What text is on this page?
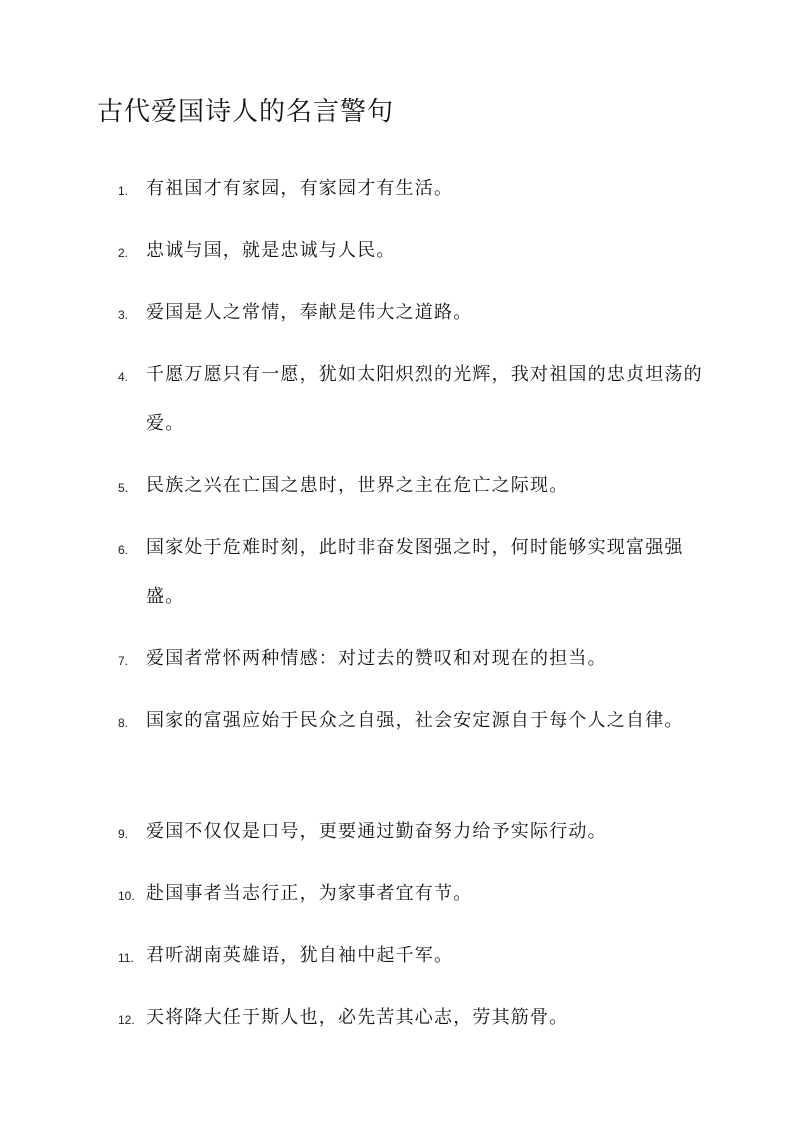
古代爱国诗人的名言警句
1. 有祖国才有家园，有家园才有生活。
2. 忠诚与国，就是忠诚与人民。
3. 爱国是人之常情，奉献是伟大之道路。
4. 千愿万愿只有一愿，犹如太阳炽烈的光辉，我对祖国的忠贞坦荡的爱。
5. 民族之兴在亡国之患时，世界之主在危亡之际现。
6. 国家处于危难时刻，此时非奋发图强之时，何时能够实现富强强盛。
7. 爱国者常怀两种情感：对过去的赞叹和对现在的担当。
8. 国家的富强应始于民众之自强，社会安定源自于每个人之自律。
9. 爱国不仅仅是口号，更要通过勤奋努力给予实际行动。
10. 赴国事者当志行正，为家事者宜有节。
11. 君听湖南英雄语，犹自袖中起千军。
12. 天将降大任于斯人也，必先苦其心志，劳其筋骨。
